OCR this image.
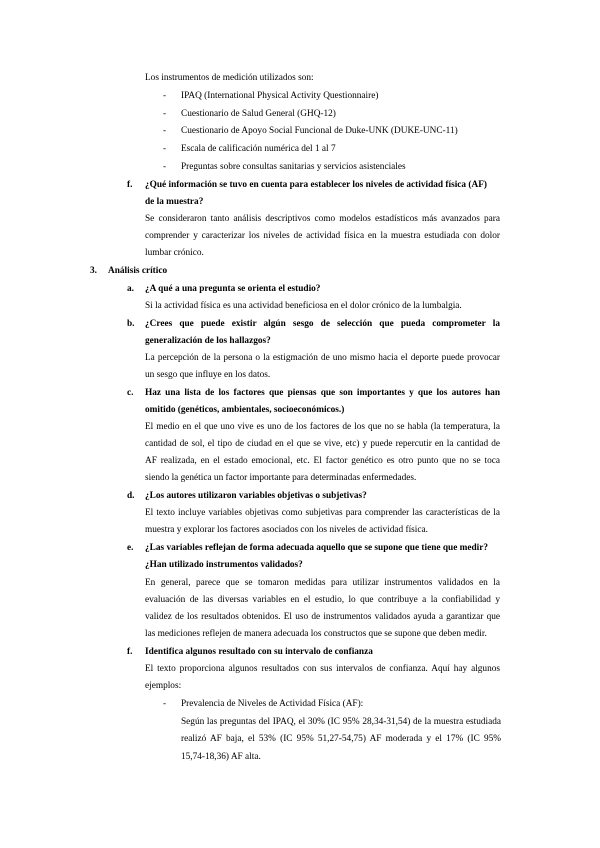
Los instrumentos de medición utilizados son:
- IPAQ (International Physical Activity Questionnaire)
- Cuestionario de Salud General (GHQ-12)
- Cuestionario de Apoyo Social Funcional de Duke-UNK (DUKE-UNC-11)
- Escala de calificación numérica del 1 al 7
- Preguntas sobre consultas sanitarias y servicios asistenciales
f. ¿Qué información se tuvo en cuenta para establecer los niveles de actividad física (AF)
de la muestra?
Se consideraron tanto análisis descriptivos como modelos estadísticos más avanzados para
comprender y caracterizar los niveles de actividad física en la muestra estudiada con dolor
lumbar crónico.
3. Análisis crítico
a. ¿A qué a una pregunta se orienta el estudio?
Si la actividad física es una actividad beneficiosa en el dolor crónico de la lumbalgia.
b. ¿Crees que puede existir algún sesgo de selección que pueda comprometer la
generalización de los hallazgos?
La percepción de la persona o la estigmación de uno mismo hacia el deporte puede provocar
un sesgo que influye en los datos.
c. Haz una lista de los factores que piensas que son importantes y que los autores han
omitido (genéticos, ambientales, socioeconómicos.)
El medio en el que uno vive es uno de los factores de los que no se habla (la temperatura, la
cantidad de sol, el tipo de ciudad en el que se vive, etc) y puede repercutir en la cantidad de
AF realizada, en el estado emocional, etc. El factor genético es otro punto que no se toca
siendo la genética un factor importante para determinadas enfermedades.
d. ¿Los autores utilizaron variables objetivas o subjetivas?
El texto incluye variables objetivas como subjetivas para comprender las características de la
muestra y explorar los factores asociados con los niveles de actividad física.
e. ¿Las variables reflejan de forma adecuada aquello que se supone que tiene que medir?
¿Han utilizado instrumentos validados?
En general, parece que se tomaron medidas para utilizar instrumentos validados en la
evaluación de las diversas variables en el estudio, lo que contribuye a la confiabilidad y
validez de los resultados obtenidos. El uso de instrumentos validados ayuda a garantizar que
las mediciones reflejen de manera adecuada los constructos que se supone que deben medir.
f. Identifica algunos resultado con su intervalo de confianza
El texto proporciona algunos resultados con sus intervalos de confianza. Aquí hay algunos
ejemplos:
- Prevalencia de Niveles de Actividad Física (AF):
Según las preguntas del IPAQ, el 30% (IC 95% 28,34-31,54) de la muestra estudiada
realizó AF baja, el 53% (IC 95% 51,27-54,75) AF moderada y el 17% (IC 95%
15,74-18,36) AF alta.
